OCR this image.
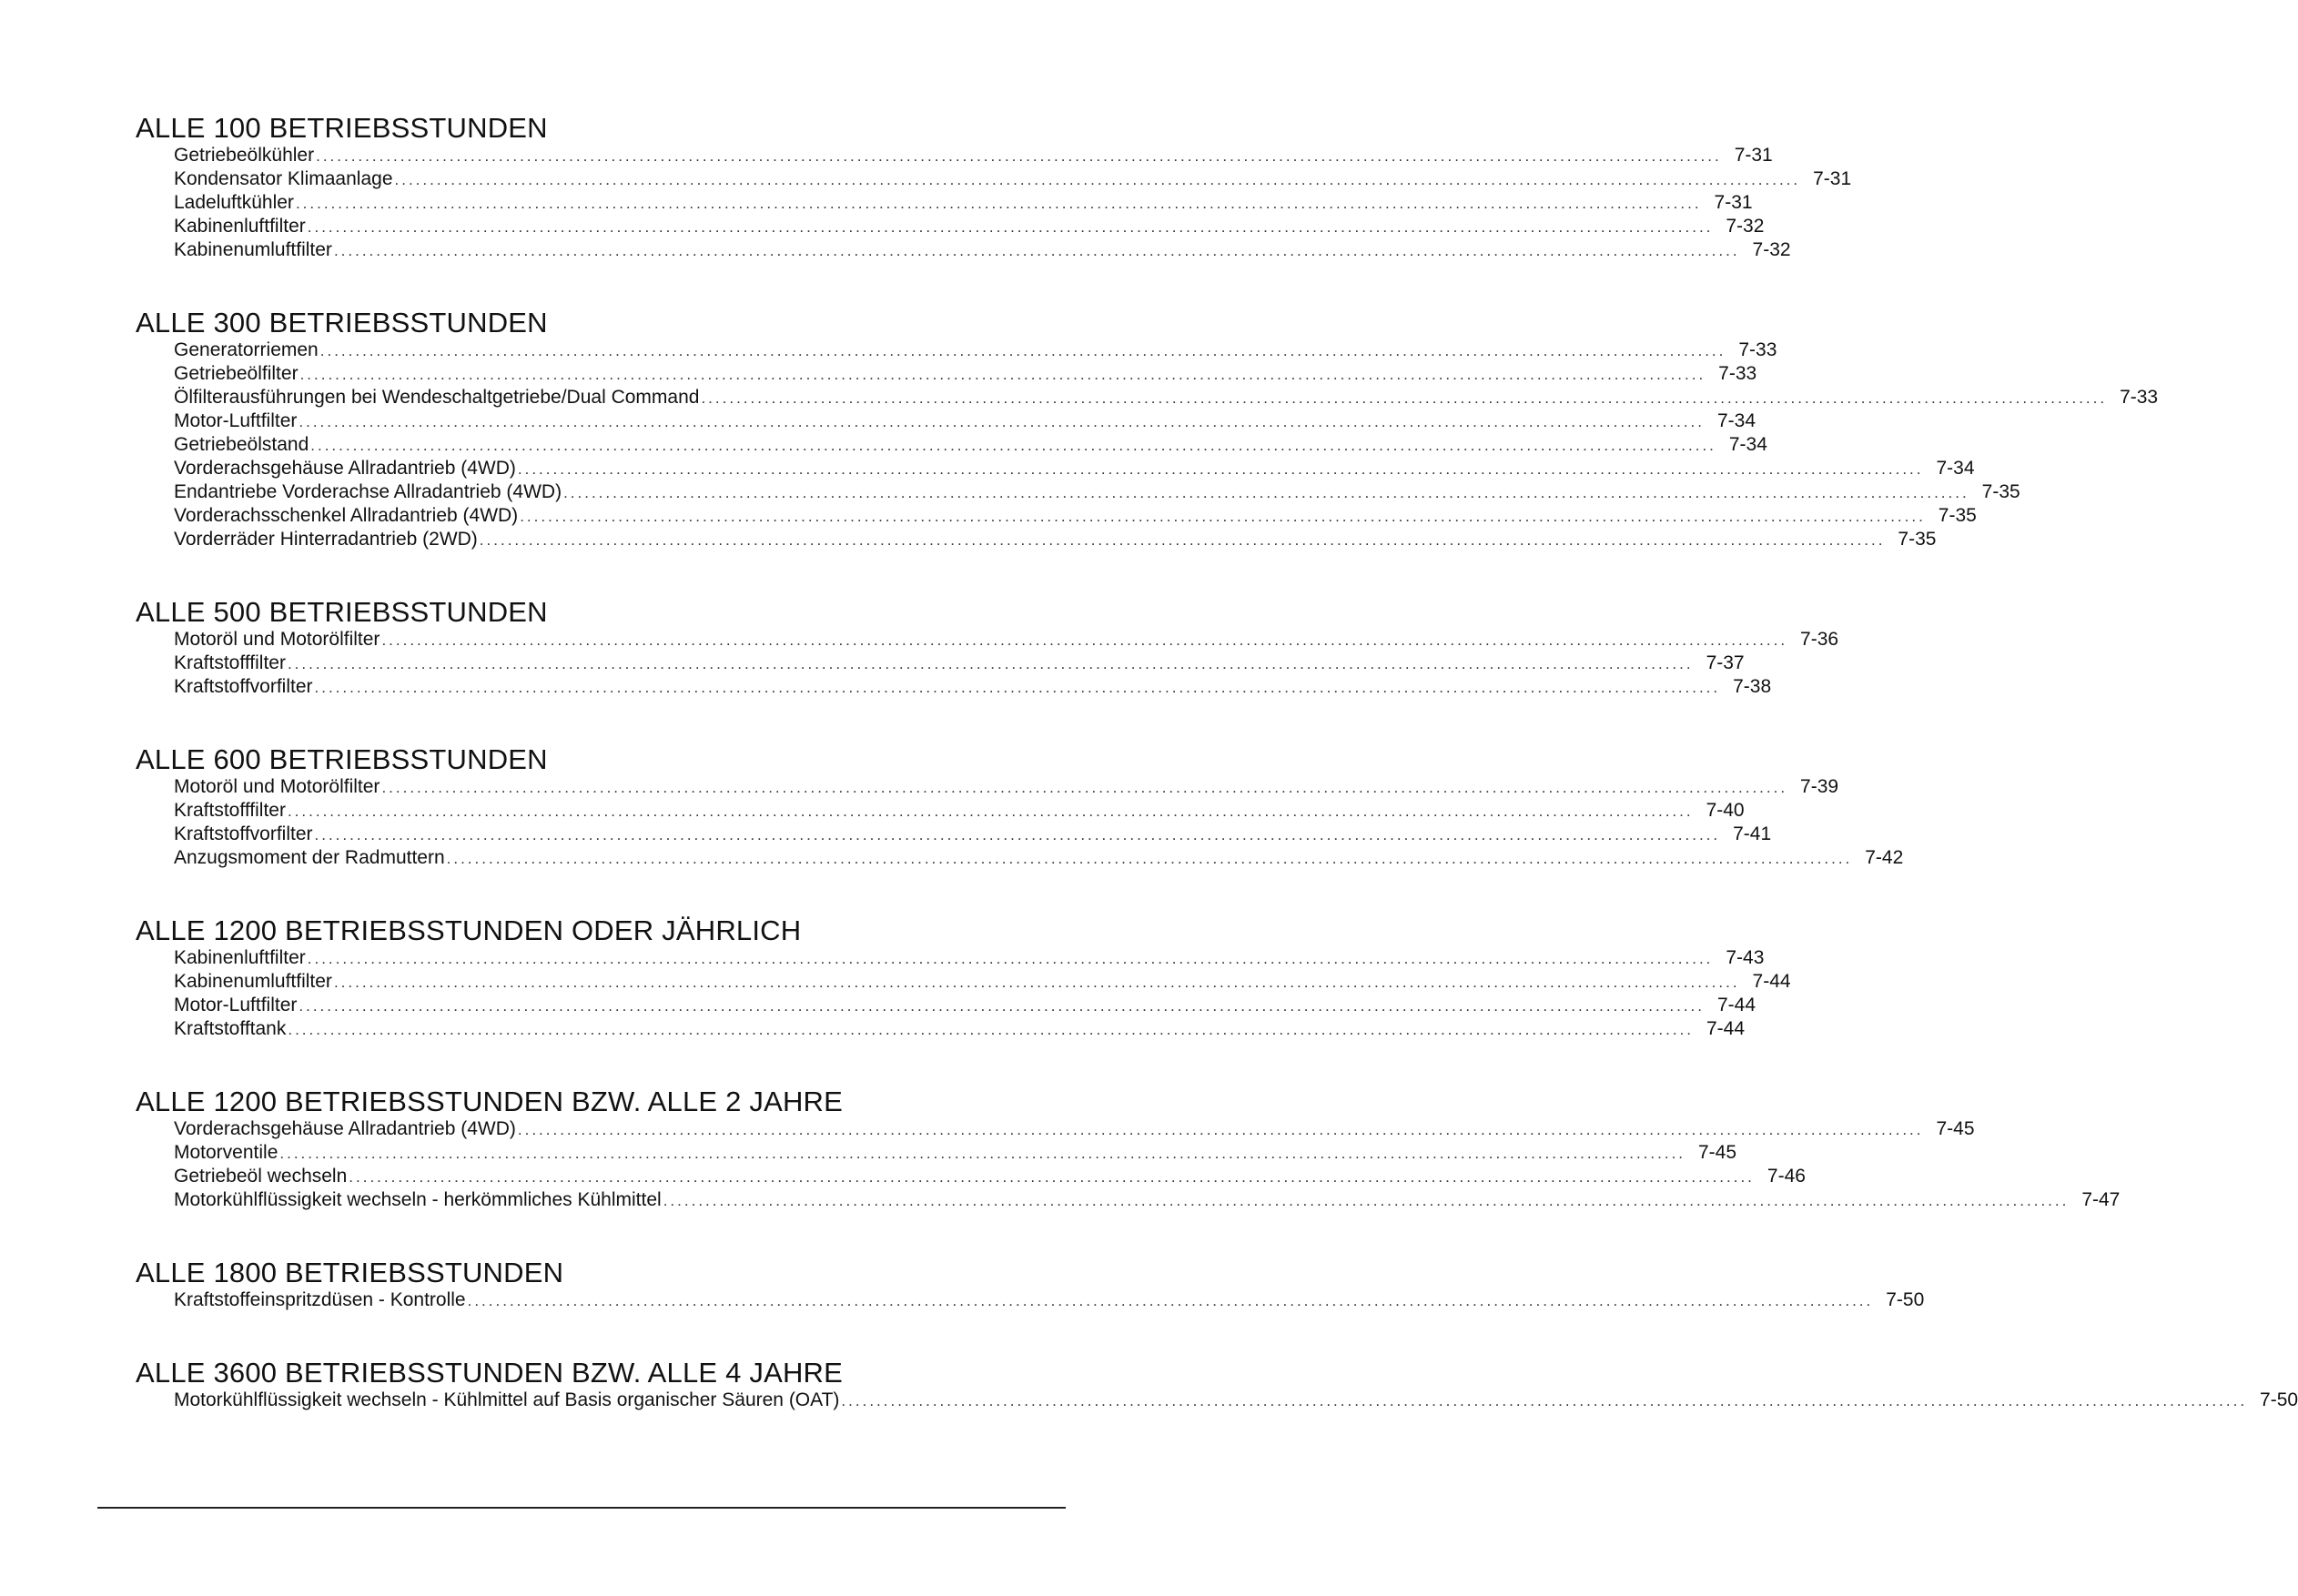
ALLE 100 BETRIEBSSTUNDEN
Getriebeölkühler ........................................................................................................................................................................................................ 7-31
Kondensator Klimaanlage ........................................................................................................................................................................................................ 7-31
Ladeluftkühler ........................................................................................................................................................................................................ 7-31
Kabinenluftfilter ........................................................................................................................................................................................................ 7-32
Kabinenumluftfilter ........................................................................................................................................................................................................ 7-32
ALLE 300 BETRIEBSSTUNDEN
Generatorriemen ........................................................................................................................................................................................................ 7-33
Getriebeölfilter ........................................................................................................................................................................................................ 7-33
Ölfilterausführungen bei Wendeschaltgetriebe/Dual Command ........................................................................................................................................................................................................ 7-33
Motor-Luftfilter ........................................................................................................................................................................................................ 7-34
Getriebeölstand ........................................................................................................................................................................................................ 7-34
Vorderachsgehäuse Allradantrieb (4WD) ........................................................................................................................................................................................................ 7-34
Endantriebe Vorderachse Allradantrieb (4WD) ........................................................................................................................................................................................................ 7-35
Vorderachsschenkel Allradantrieb (4WD) ........................................................................................................................................................................................................ 7-35
Vorderräder Hinterradantrieb (2WD) ........................................................................................................................................................................................................ 7-35
ALLE 500 BETRIEBSSTUNDEN
Motoröl und Motorölfilter ........................................................................................................................................................................................................ 7-36
Kraftstofffilter ........................................................................................................................................................................................................ 7-37
Kraftstoffvorfilter ........................................................................................................................................................................................................ 7-38
ALLE 600 BETRIEBSSTUNDEN
Motoröl und Motorölfilter ........................................................................................................................................................................................................ 7-39
Kraftstofffilter ........................................................................................................................................................................................................ 7-40
Kraftstoffvorfilter ........................................................................................................................................................................................................ 7-41
Anzugsmoment der Radmuttern ........................................................................................................................................................................................................ 7-42
ALLE 1200 BETRIEBSSTUNDEN ODER JÄHRLICH
Kabinenluftfilter ........................................................................................................................................................................................................ 7-43
Kabinenumluftfilter ........................................................................................................................................................................................................ 7-44
Motor-Luftfilter ........................................................................................................................................................................................................ 7-44
Kraftstofftank ........................................................................................................................................................................................................ 7-44
ALLE 1200 BETRIEBSSTUNDEN BZW. ALLE 2 JAHRE
Vorderachsgehäuse Allradantrieb (4WD) ........................................................................................................................................................................................................ 7-45
Motorventile ........................................................................................................................................................................................................ 7-45
Getriebeöl wechseln ........................................................................................................................................................................................................ 7-46
Motorkühlflüssigkeit wechseln - herkömmliches Kühlmittel ........................................................................................................................................................................................................ 7-47
ALLE 1800 BETRIEBSSTUNDEN
Kraftstoffeinspritzdüsen - Kontrolle ........................................................................................................................................................................................................ 7-50
ALLE 3600 BETRIEBSSTUNDEN BZW. ALLE 4 JAHRE
Motorkühlflüssigkeit wechseln - Kühlmittel auf Basis organischer Säuren (OAT) ........................................................................................................................................................................................................ 7-50
